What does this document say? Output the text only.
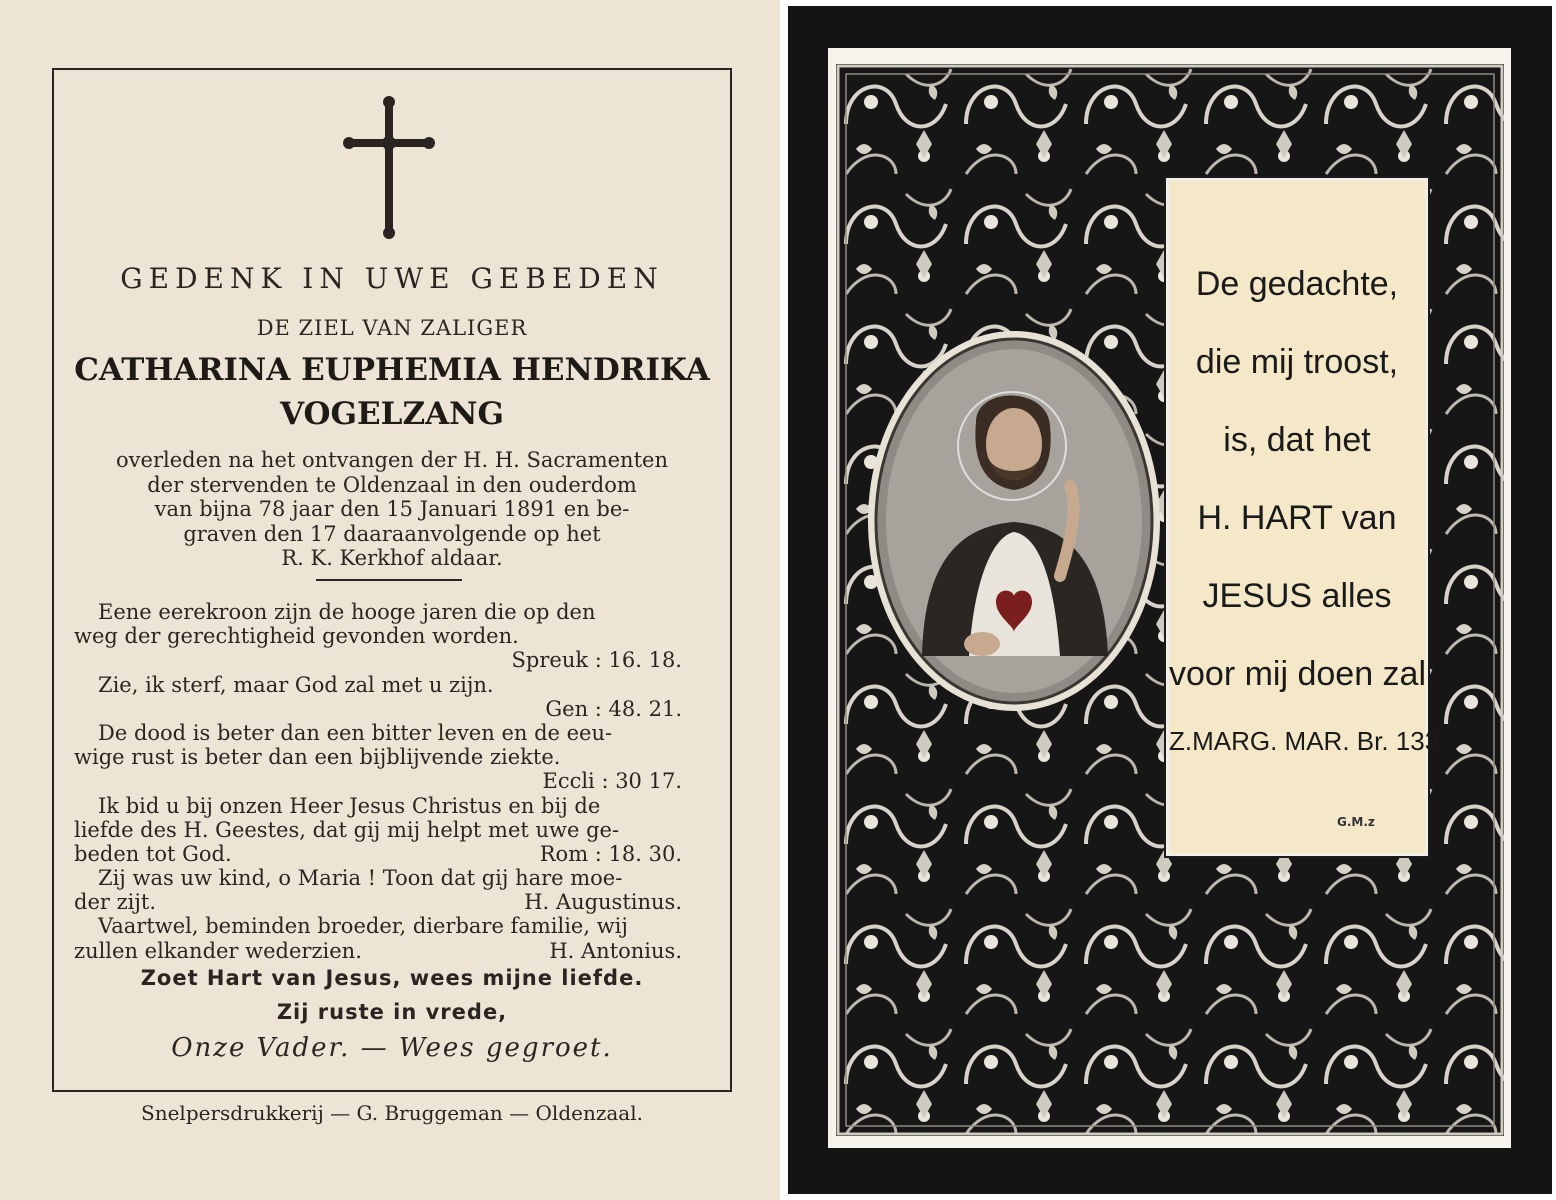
GEDENK IN UWE GEBEDEN
DE ZIEL VAN ZALIGER
CATHARINA EUPHEMIA HENDRIKA
VOGELZANG
overleden na het ontvangen der H. H. Sacramenten
der stervenden te Oldenzaal in den ouderdom
van bijna 78 jaar den 15 Januari 1891 en be-
graven den 17 daaraanvolgende op het
R. K. Kerkhof aldaar.
Eene eerekroon zijn de hooge jaren die op den
weg der gerechtigheid gevonden worden.
Spreuk : 16. 18.
Zie, ik sterf, maar God zal met u zijn.
Gen : 48. 21.
De dood is beter dan een bitter leven en de eeu-
wige rust is beter dan een bijblijvende ziekte.
Eccli : 30 17.
Ik bid u bij onzen Heer Jesus Christus en bij de
liefde des H. Geestes, dat gij mij helpt met uwe ge-
beden tot God.	Rom : 18. 30.
Zij was uw kind, o Maria ! Toon dat gij hare moe-
der zijt.	H. Augustinus.
Vaartwel, beminden broeder, dierbare familie, wij
zullen elkander wederzien.	H. Antonius.
Zoet Hart van Jesus, wees mijne liefde.
Zij ruste in vrede,
Onze Vader. — Wees gegroet.
Snelpersdrukkerij — G. Bruggeman — Oldenzaal.
De gedachte,
die mij troost,
is, dat het
H. HART van
JESUS alles
voor mij doen zal.
Z.MARG. MAR. Br. 133
G.M.z
